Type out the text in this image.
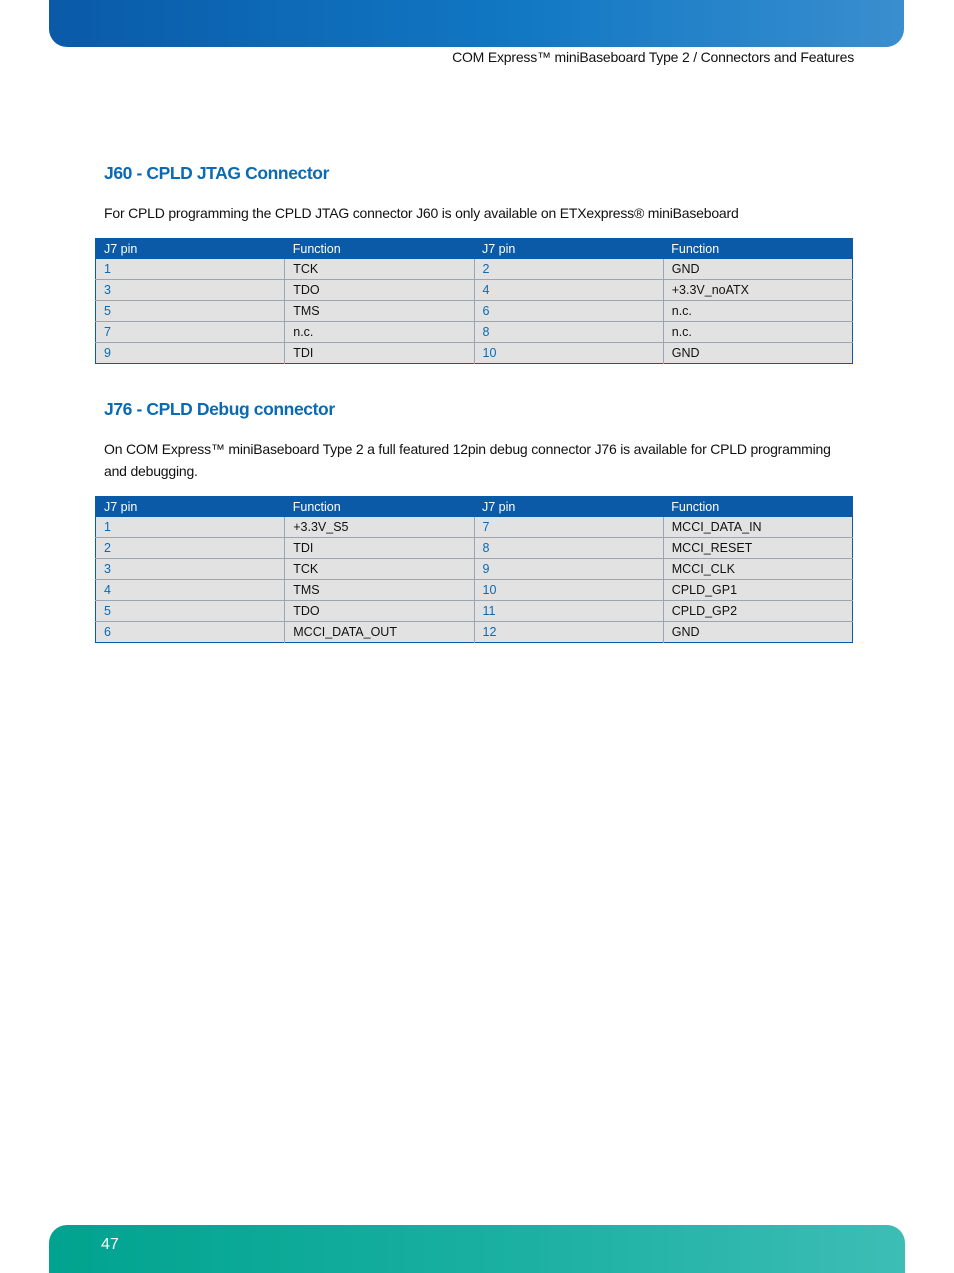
COM Express™ miniBaseboard Type 2 / Connectors and Features
J60 - CPLD JTAG Connector

For CPLD programming the CPLD JTAG connector J60 is only available on ETXexpress® miniBaseboard

J7 pin	Function	J7 pin	Function
1	TCK	2	GND
3	TDO	4	+3.3V_noATX
5	TMS	6	n.c.
7	n.c.	8	n.c.
9	TDI	10	GND
J76 - CPLD Debug connector

On COM Express™ miniBaseboard Type 2 a full featured 12pin debug connector J76 is available for CPLD programming and debugging.

J7 pin	Function	J7 pin	Function
1	+3.3V_S5	7	MCCI_DATA_IN
2	TDI	8	MCCI_RESET
3	TCK	9	MCCI_CLK
4	TMS	10	CPLD_GP1
5	TDO	11	CPLD_GP2
6	MCCI_DATA_OUT	12	GND
47
